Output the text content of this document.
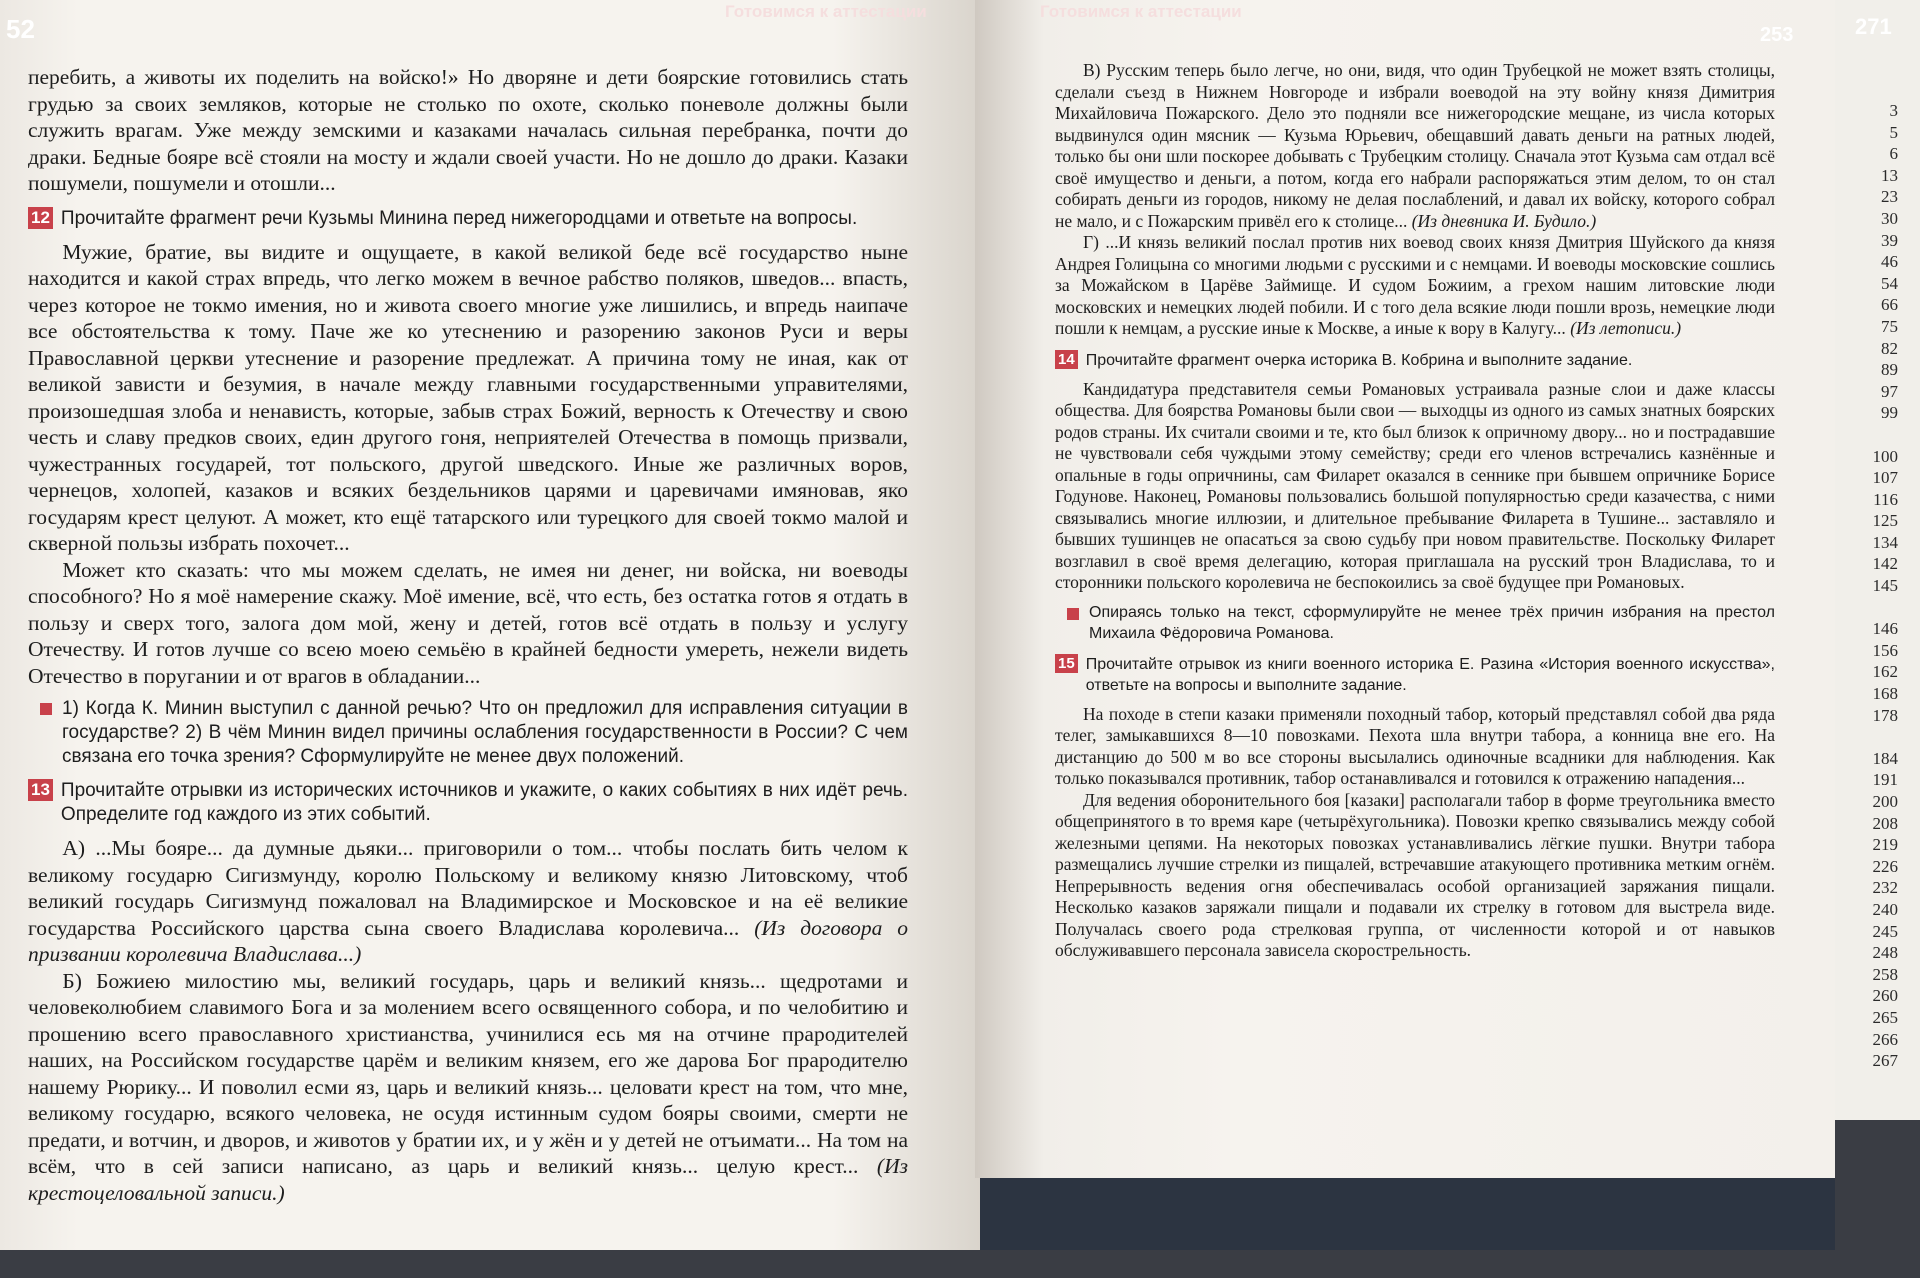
271
3
5
6
13
23
30
39
46
54
66
75
82
89
97
99
100
107
116
125
134
142
145
146
156
162
168
178
184
191
200
208
219
226
232
240
245
248
258
260
265
266
267
52
Готовимся к аттестации

перебить, а животы их поделить на войско!» Но дворяне и дети боярские готовились стать грудью за своих земляков, которые не столько по охоте, сколько поневоле должны были служить врагам. Уже между земскими и казаками началась сильная перебранка, почти до драки. Бедные бояре всё стояли на мосту и ждали своей участи. Но не дошло до драки. Казаки пошумели, пошумели и отошли...

12 Прочитайте фрагмент речи Кузьмы Минина перед нижегородцами и ответьте на вопросы.

Мужие, братие, вы видите и ощущаете, в какой великой беде всё государство ныне находится и какой страх впредь, что легко можем в вечное рабство поляков, шведов... впасть, через которое не токмо имения, но и живота своего многие уже лишились, и впредь наипаче все обстоятельства к тому. Паче же ко утеснению и разорению законов Руси и веры Православной церкви утеснение и разорение предлежат. А причина тому не иная, как от великой зависти и безумия, в начале между главными государственными управителями, произошедшая злоба и ненависть, которые, забыв страх Божий, верность к Отечеству и свою честь и славу предков своих, един другого гоня, неприятелей Отечества в помощь призвали, чужестранных государей, тот польского, другой шведского. Иные же различных воров, чернецов, холопей, казаков и всяких бездельников царями и царевичами имяновав, яко государям крест целуют. А может, кто ещё татарского или турецкого для своей токмо малой и скверной пользы избрать похочет...

Может кто сказать: что мы можем сделать, не имея ни денег, ни войска, ни воеводы способного? Но я моё намерение скажу. Моё имение, всё, что есть, без остатка готов я отдать в пользу и сверх того, залога дом мой, жену и детей, готов всё отдать в пользу и услугу Отечеству. И готов лучше со всею моею семьёю в крайней бедности умереть, нежели видеть Отечество в поругании и от врагов в обладании...

1) Когда К. Минин выступил с данной речью? Что он предложил для исправления ситуации в государстве? 2) В чём Минин видел причины ослабления государственности в России? С чем связана его точка зрения? Сформулируйте не менее двух положений.
13 Прочитайте отрывки из исторических источников и укажите, о каких событиях в них идёт речь. Определите год каждого из этих событий.

А) ...Мы бояре... да думные дьяки... приговорили о том... чтобы послать бить челом к великому государю Сигизмунду, королю Польскому и великому князю Литовскому, чтоб великий государь Сигизмунд пожаловал на Владимирское и Московское и на её великие государства Российского царства сына своего Владислава королевича... (Из договора о призвании королевича Владислава...)

Б) Божиею милостию мы, великий государь, царь и великий князь... щедротами и человеколюбием славимого Бога и за молением всего освященного собора, и по челобитию и прошению всего православного христианства, учинилися есь мя на отчине прародителей наших, на Российском государстве царём и великим князем, его же дарова Бог прародителю нашему Рюрику... И поволил есми яз, царь и великий князь... целовати крест на том, что мне, великому государю, всякого человека, не осудя истинным судом бояры своими, смерти не предати, и вотчин, и дворов, и животов у братии их, и у жён и у детей не отъимати... На том на всём, что в сей записи написано, аз царь и великий князь... целую крест... (Из крестоцеловальной записи.)

Готовимся к аттестации
253

В) Русским теперь было легче, но они, видя, что один Трубецкой не может взять столицы, сделали съезд в Нижнем Новгороде и избрали воеводой на эту войну князя Димитрия Михайловича Пожарского. Дело это подняли все нижегородские мещане, из числа которых выдвинулся один мясник — Кузьма Юрьевич, обещавший давать деньги на ратных людей, только бы они шли поскорее добывать с Трубецким столицу. Сначала этот Кузьма сам отдал всё своё имущество и деньги, а потом, когда его набрали распоряжаться этим делом, то он стал собирать деньги из городов, никому не делая послаблений, и давал их войску, которого собрал не мало, и с Пожарским привёл его к столице... (Из дневника И. Будило.)

Г) ...И князь великий послал против них воевод своих князя Дмитрия Шуйского да князя Андрея Голицына со многими людьми с русскими и с немцами. И воеводы московские сошлись за Можайском в Царёве Займище. И судом Божиим, а грехом нашим литовские люди московских и немецких людей побили. И с того дела всякие люди пошли врозь, немецкие люди пошли к немцам, а русские иные к Москве, а иные к вору в Калугу... (Из летописи.)

14 Прочитайте фрагмент очерка историка В. Кобрина и выполните задание.

Кандидатура представителя семьи Романовых устраивала разные слои и даже классы общества. Для боярства Романовы были свои — выходцы из одного из самых знатных боярских родов страны. Их считали своими и те, кто был близок к опричному двору... но и пострадавшие не чувствовали себя чуждыми этому семейству; среди его членов встречались казнённые и опальные в годы опричнины, сам Филарет оказался в сеннике при бывшем опричнике Борисе Годунове. Наконец, Романовы пользовались большой популярностью среди казачества, с ними связывались многие иллюзии, и длительное пребывание Филарета в Тушине... заставляло и бывших тушинцев не опасаться за свою судьбу при новом правительстве. Поскольку Филарет возглавил в своё время делегацию, которая приглашала на русский трон Владислава, то и сторонники польского королевича не беспокоились за своё будущее при Романовых.

Опираясь только на текст, сформулируйте не менее трёх причин избрания на престол Михаила Фёдоровича Романова.
15 Прочитайте отрывок из книги военного историка Е. Разина «История военного искусства», ответьте на вопросы и выполните задание.

На походе в степи казаки применяли походный табор, который представлял собой два ряда телег, замыкавшихся 8—10 повозками. Пехота шла внутри табора, а конница вне его. На дистанцию до 500 м во все стороны высылались одиночные всадники для наблюдения. Как только показывался противник, табор останавливался и готовился к отражению нападения...

Для ведения оборонительного боя [казаки] располагали табор в форме треугольника вместо общепринятого в то время каре (четырёхугольника). Повозки крепко связывались между собой железными цепями. На некоторых повозках устанавливались лёгкие пушки. Внутри табора размещались лучшие стрелки из пищалей, встречавшие атакующего противника метким огнём. Непрерывность ведения огня обеспечивалась особой организацией заряжания пищали. Несколько казаков заряжали пищали и подавали их стрелку в готовом для выстрела виде. Получалась своего рода стрелковая группа, от численности которой и от навыков обслуживавшего персонала зависела скорострельность.
